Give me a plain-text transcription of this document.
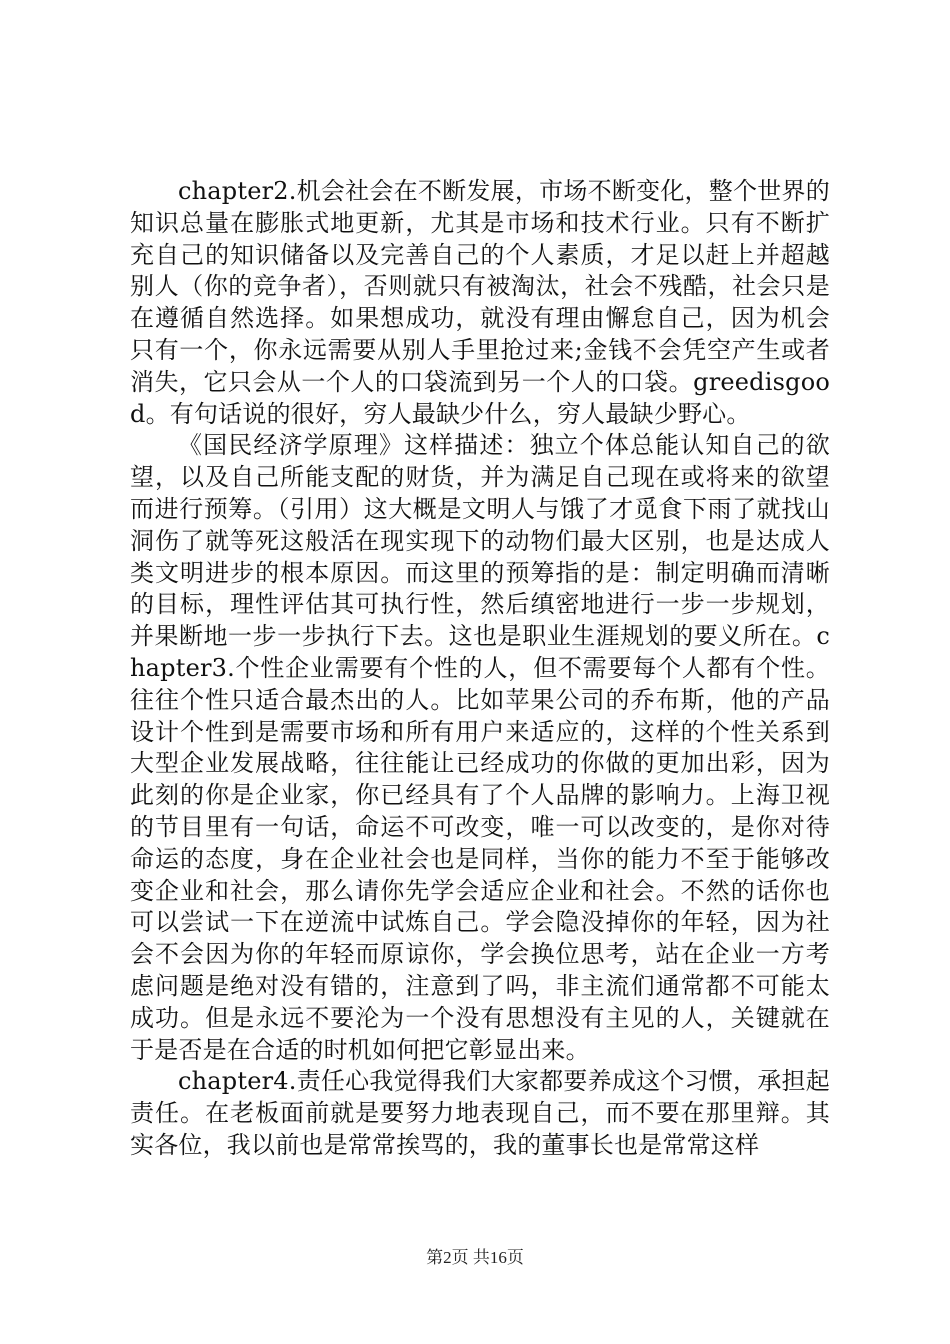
chapter2.机会社会在不断发展，市场不断变化，整个世界的知识总量在膨胀式地更新，尤其是市场和技术行业。只有不断扩充自己的知识储备以及完善自己的个人素质，才足以赶上并超越别人（你的竞争者），否则就只有被淘汰，社会不残酷，社会只是在遵循自然选择。如果想成功，就没有理由懈怠自己，因为机会只有一个，你永远需要从别人手里抢过来;金钱不会凭空产生或者消失，它只会从一个人的口袋流到另一个人的口袋。greedisgood。有句话说的很好，穷人最缺少什么，穷人最缺少野心。

《国民经济学原理》这样描述：独立个体总能认知自己的欲望，以及自己所能支配的财货，并为满足自己现在或将来的欲望而进行预筹。（引用）这大概是文明人与饿了才觅食下雨了就找山洞伤了就等死这般活在现实现下的动物们最大区别，也是达成人类文明进步的根本原因。而这里的预筹指的是：制定明确而清晰的目标，理性评估其可执行性，然后缜密地进行一步一步规划，并果断地一步一步执行下去。这也是职业生涯规划的要义所在。chapter3.个性企业需要有个性的人，但不需要每个人都有个性。往往个性只适合最杰出的人。比如苹果公司的乔布斯，他的产品设计个性到是需要市场和所有用户来适应的，这样的个性关系到大型企业发展战略，往往能让已经成功的你做的更加出彩，因为此刻的你是企业家，你已经具有了个人品牌的影响力。上海卫视的节目里有一句话，命运不可改变，唯一可以改变的，是你对待命运的态度，身在企业社会也是同样，当你的能力不至于能够改变企业和社会，那么请你先学会适应企业和社会。不然的话你也可以尝试一下在逆流中试炼自己。学会隐没掉你的年轻，因为社会不会因为你的年轻而原谅你，学会换位思考，站在企业一方考虑问题是绝对没有错的，注意到了吗，非主流们通常都不可能太成功。但是永远不要沦为一个没有思想没有主见的人，关键就在于是否是在合适的时机如何把它彰显出来。

chapter4.责任心我觉得我们大家都要养成这个习惯，承担起责任。在老板面前就是要努力地表现自己，而不要在那里辩。其实各位，我以前也是常常挨骂的，我的董事长也是常常这样

第2页 共16页
